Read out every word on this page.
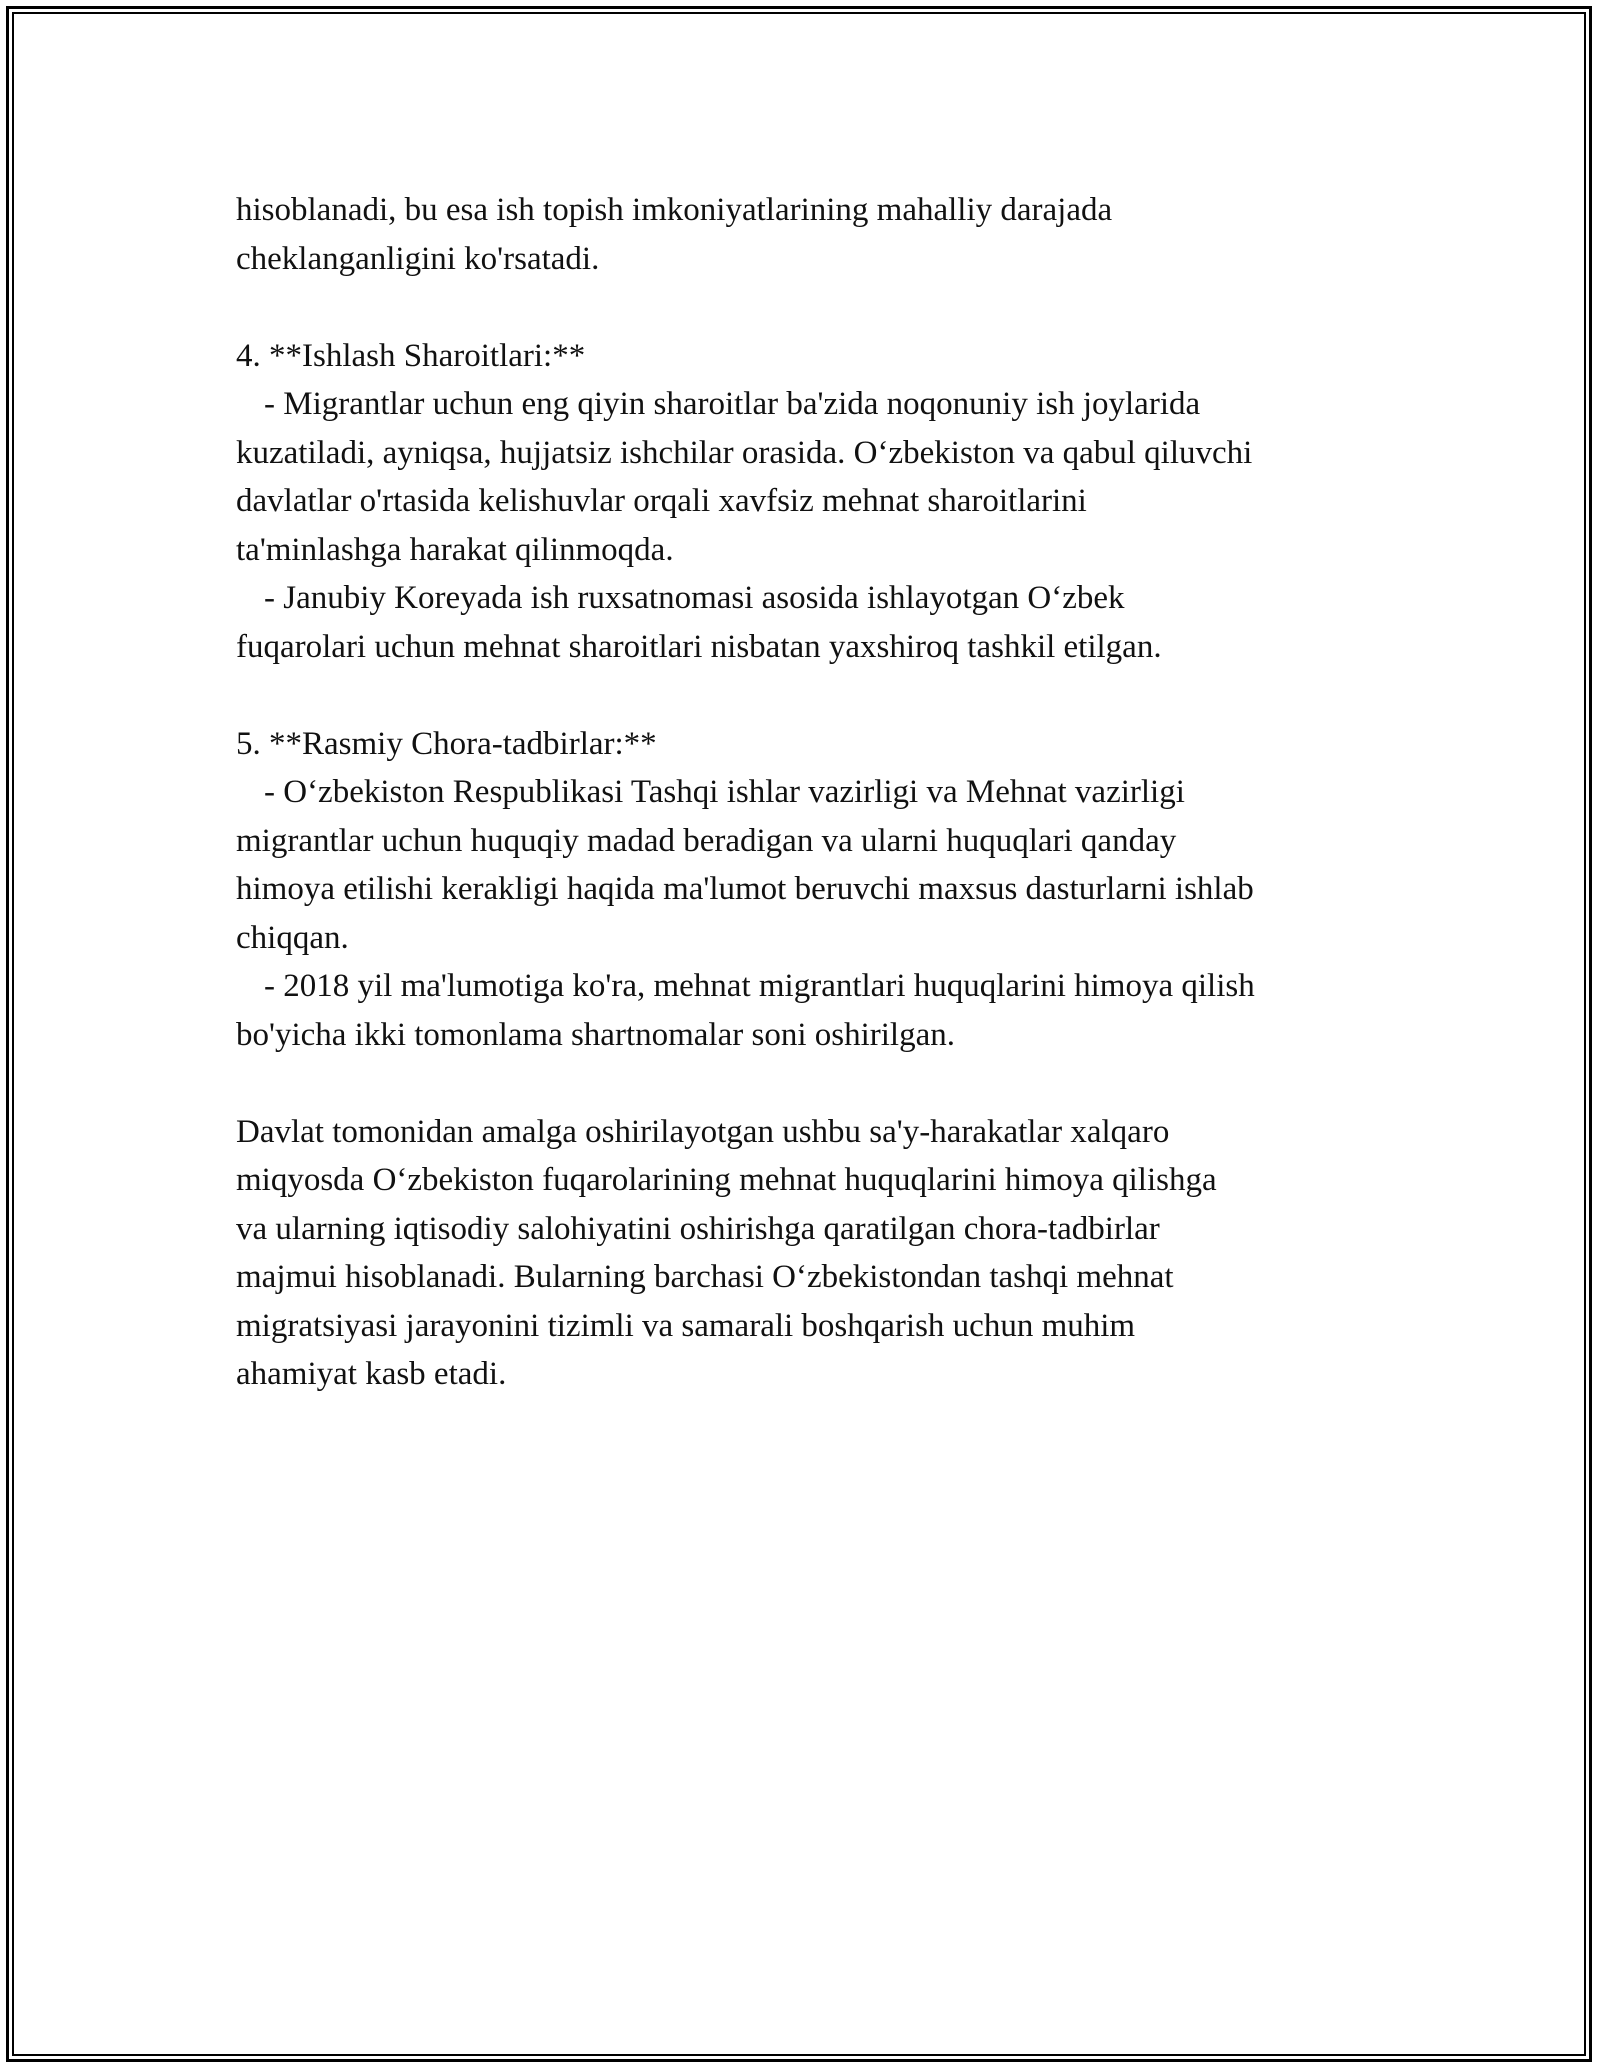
hisoblanadi, bu esa ish topish imkoniyatlarining mahalliy darajada
cheklanganligini ko'rsatadi.
4. **Ishlash Sharoitlari:**
- Migrantlar uchun eng qiyin sharoitlar ba'zida noqonuniy ish joylarida
kuzatiladi, ayniqsa, hujjatsiz ishchilar orasida. O‘zbekiston va qabul qiluvchi
davlatlar o'rtasida kelishuvlar orqali xavfsiz mehnat sharoitlarini
ta'minlashga harakat qilinmoqda.
- Janubiy Koreyada ish ruxsatnomasi asosida ishlayotgan O‘zbek
fuqarolari uchun mehnat sharoitlari nisbatan yaxshiroq tashkil etilgan.
5. **Rasmiy Chora-tadbirlar:**
- O‘zbekiston Respublikasi Tashqi ishlar vazirligi va Mehnat vazirligi
migrantlar uchun huquqiy madad beradigan va ularni huquqlari qanday
himoya etilishi kerakligi haqida ma'lumot beruvchi maxsus dasturlarni ishlab
chiqqan.
- 2018 yil ma'lumotiga ko'ra, mehnat migrantlari huquqlarini himoya qilish
bo'yicha ikki tomonlama shartnomalar soni oshirilgan.
Davlat tomonidan amalga oshirilayotgan ushbu sa'y-harakatlar xalqaro
miqyosda O‘zbekiston fuqarolarining mehnat huquqlarini himoya qilishga
va ularning iqtisodiy salohiyatini oshirishga qaratilgan chora-tadbirlar
majmui hisoblanadi. Bularning barchasi O‘zbekistondan tashqi mehnat
migratsiyasi jarayonini tizimli va samarali boshqarish uchun muhim
ahamiyat kasb etadi.
